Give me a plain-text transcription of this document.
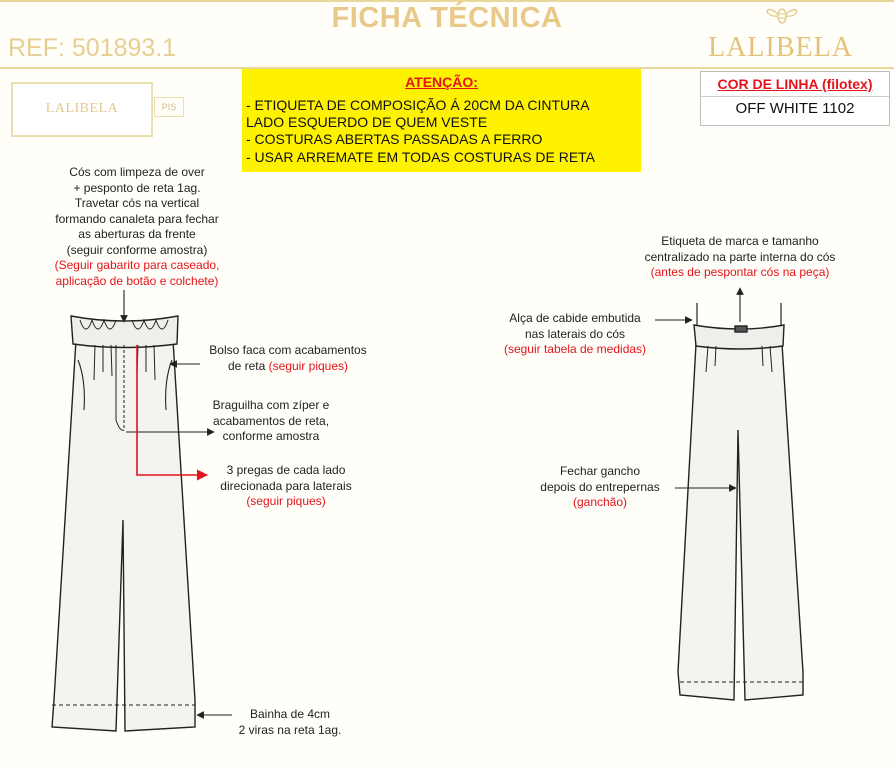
FICHA TÉCNICA
REF: 501893.1	LALIBELA
LALIBELA	PIS
ATENÇÃO:
- ETIQUETA DE COMPOSIÇÃO Á 20CM DA CINTURA
LADO ESQUERDO DE QUEM VESTE
- COSTURAS ABERTAS PASSADAS A FERRO
- USAR ARREMATE EM TODAS COSTURAS DE RETA
COR DE LINHA (filotex)
OFF WHITE 1102
Cós com limpeza de over
+ pesponto de reta 1ag.
Travetar cós na vertical
formando canaleta para fechar
as aberturas da frente
(seguir conforme amostra)
(Seguir gabarito para caseado,
aplicação de botão e colchete)
Bolso faca com acabamentos
de reta (seguir piques)
Braguilha com zíper e
acabamentos de reta,
conforme amostra
3 pregas de cada lado
direcionada para laterais
(seguir piques)
Bainha de 4cm
2 viras na reta 1ag.
Etiqueta de marca e tamanho
centralizado na parte interna do cós
(antes de pespontar cós na peça)
Alça de cabide embutida
nas laterais do cós
(seguir tabela de medidas)
Fechar gancho
depois do entrepernas
(ganchão)
